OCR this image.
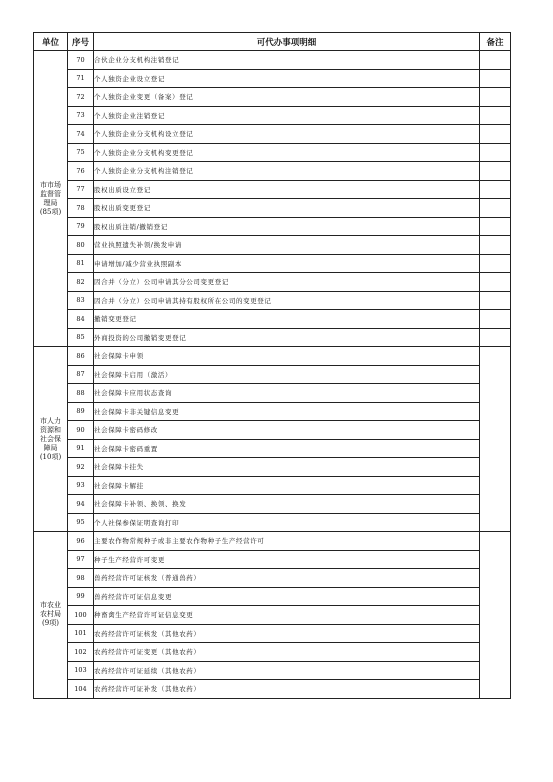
单位	序号	可代办事项明细	备注

市市场
监督管
理局
(85项)	70	合伙企业分支机构注销登记	
	71	个人独资企业设立登记	
	72	个人独资企业变更（备案）登记	
	73	个人独资企业注销登记	
	74	个人独资企业分支机构设立登记	
	75	个人独资企业分支机构变更登记	
	76	个人独资企业分支机构注销登记	
	77	股权出质设立登记	
	78	股权出质变更登记	
	79	股权出质注销/撤销登记	
	80	营业执照遗失补领/换发申请	
	81	申请增加/减少营业执照副本	
	82	因合并（分立）公司申请其分公司变更登记	
	83	因合并（分立）公司申请其持有股权所在公司的变更登记	
	84	撤销变更登记	
	85	外商投资的公司撤销变更登记	

市人力
资源和
社会保
障局
(10项)	86	社会保障卡申领	
	87	社会保障卡启用（激活）	
	88	社会保障卡应用状态查询	
	89	社会保障卡非关键信息变更	
	90	社会保障卡密码修改	
	91	社会保障卡密码重置	
	92	社会保障卡挂失	
	93	社会保障卡解挂	
	94	社会保障卡补领、换领、换发	
	95	个人社保参保证明查询打印	

市农业
农村局
(9项)	96	主要农作物常规种子或非主要农作物种子生产经营许可	
	97	种子生产经营许可变更	
	98	兽药经营许可证核发（普通兽药）	
	99	兽药经营许可证信息变更	
	100	种畜禽生产经营许可证信息变更	
	101	农药经营许可证核发（其他农药）	
	102	农药经营许可证变更（其他农药）	
	103	农药经营许可证延续（其他农药）	
	104	农药经营许可证补发（其他农药）	
